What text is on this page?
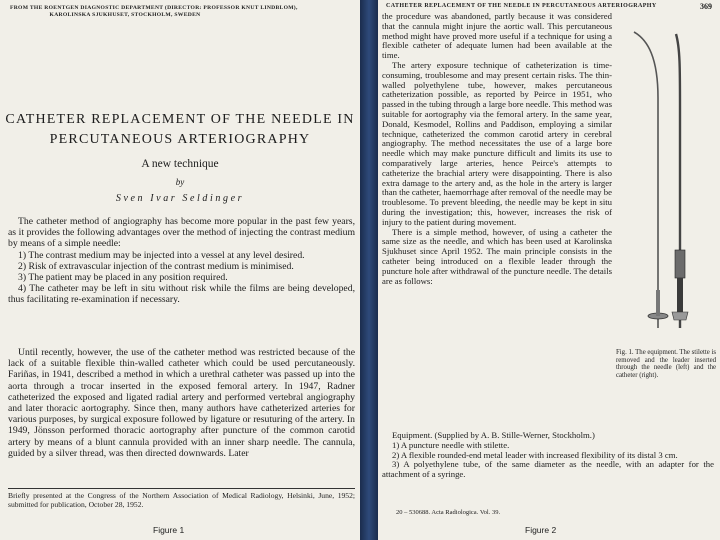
FROM THE ROENTGEN DIAGNOSTIC DEPARTMENT (DIRECTOR: PROFESSOR KNUT LINDBLOM),
KAROLINSKA SJUKHUSET, STOCKHOLM, SWEDEN
CATHETER REPLACEMENT OF THE NEEDLE IN
PERCUTANEOUS ARTERIOGRAPHY
A new technique
by
Sven Ivar Seldinger

The catheter method of angiography has become more popular in the past few years, as it provides the following advantages over the method of injecting the contrast medium by means of a simple needle:

1) The contrast medium may be injected into a vessel at any level desired.

2) Risk of extravascular injection of the contrast medium is minimised.

3) The patient may be placed in any position required.

4) The catheter may be left in situ without risk while the films are being developed, thus facilitating re-examination if necessary.

Until recently, however, the use of the catheter method was restricted because of the lack of a suitable flexible thin-walled catheter which could be used percutaneously. Fariñas, in 1941, described a method in which a urethral catheter was passed up into the aorta through a trocar inserted in the exposed femoral artery. In 1947, Radner catheterized the exposed and ligated radial artery and performed vertebral angiography and later thoracic aortography. Since then, many authors have catheterized arteries for various purposes, by surgical exposure followed by ligature or resuturing of the artery. In 1949, Jönsson performed thoracic aortography after puncture of the common carotid artery by means of a blunt cannula provided with an inner sharp needle. The cannula, guided by a silver thread, was then directed downwards. Later

Briefly presented at the Congress of the Northern Association of Medical Radiology, Helsinki, June, 1952; submitted for publication, October 28, 1952.
Figure 1
CATHETER REPLACEMENT OF THE NEEDLE IN PERCUTANEOUS ARTERIOGRAPHY	369

the procedure was abandoned, partly because it was considered that the cannula might injure the aortic wall. This percutaneous method might have proved more useful if a technique for using a flexible catheter of adequate lumen had been available at the time.

The artery exposure technique of catheterization is time-consuming, troublesome and may present certain risks. The thin-walled polyethylene tube, however, makes percutaneous catheterization possible, as reported by Peirce in 1951, who passed in the tubing through a large bore needle. This method was suitable for aortography via the femoral artery. In the same year, Donald, Kesmodel, Rollins and Paddison, employing a similar technique, catheterized the common carotid artery in cerebral angiography. The method necessitates the use of a large bore needle which may make puncture difficult and limits its use to comparatively large arteries, hence Peirce's attempts to catheterize the brachial artery were disappointing. There is also extra damage to the artery and, as the hole in the artery is larger than the catheter, haemorrhage after removal of the needle may be troublesome. To prevent bleeding, the needle may be kept in situ during the investigation; this, however, increases the risk of injury to the patient during movement.

There is a simple method, however, of using a catheter the same size as the needle, and which has been used at Karolinska Sjukhuset since April 1952. The main principle consists in the catheter being introduced on a flexible leader through the puncture hole after withdrawal of the puncture needle. The details are as follows:

Fig. 1. The equipment. The stilette is removed and the leader inserted through the needle (left) and the catheter (right).

Equipment. (Supplied by A. B. Stille-Werner, Stockholm.)

1) A puncture needle with stilette.

2) A flexible rounded-end metal leader with increased flexibility of its distal 3 cm.

3) A polyethylene tube, of the same diameter as the needle, with an adapter for the attachment of a syringe.

20 – 530688. Acta Radiologica. Vol. 39.
Figure 2
